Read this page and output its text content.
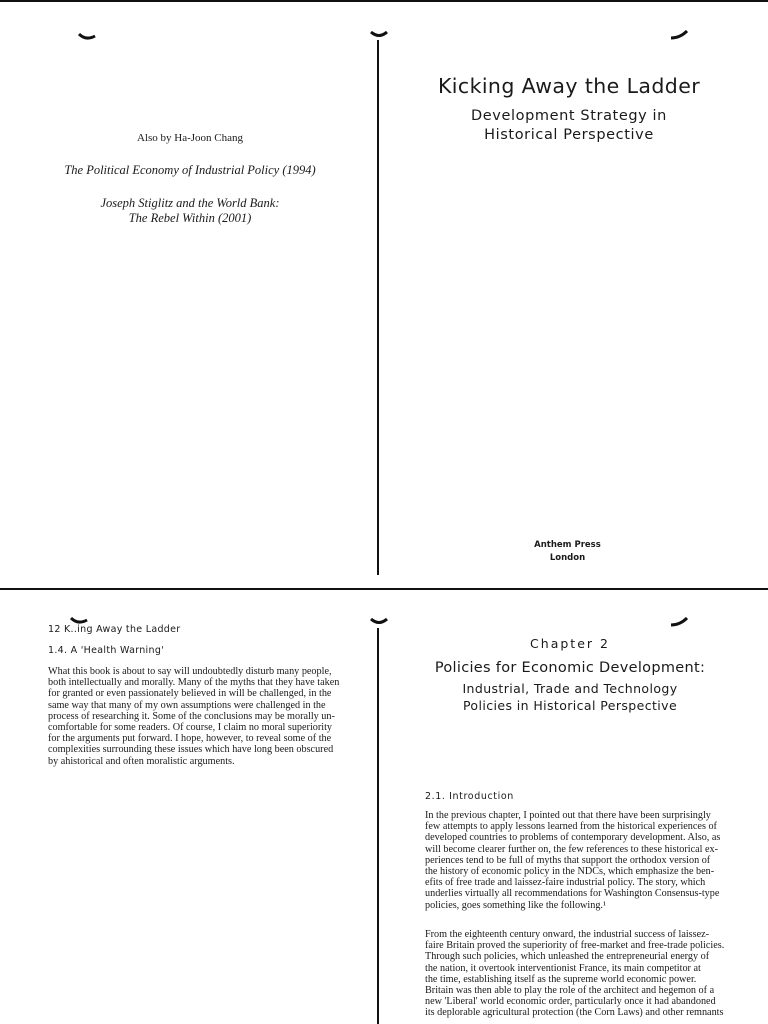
Also by Ha-Joon Chang
The Political Economy of Industrial Policy (1994)
Joseph Stiglitz and the World Bank:
The Rebel Within (2001)
Kicking Away the Ladder
Development Strategy in
Historical Perspective
Anthem Press
London
12 K..ing Away the Ladder
1.4. A 'Health Warning'

What this book is about to say will undoubtedly disturb many people,

both intellectually and morally. Many of the myths that they have taken

for granted or even passionately believed in will be challenged, in the

same way that many of my own assumptions were challenged in the

process of researching it. Some of the conclusions may be morally un-

comfortable for some readers. Of course, I claim no moral superiority

for the arguments put forward. I hope, however, to reveal some of the

complexities surrounding these issues which have long been obscured

by ahistorical and often moralistic arguments.

Chapter 2
Policies for Economic Development:
Industrial, Trade and Technology
Policies in Historical Perspective
2.1. Introduction

In the previous chapter, I pointed out that there have been surprisingly

few attempts to apply lessons learned from the historical experiences of

developed countries to problems of contemporary development. Also, as

will become clearer further on, the few references to these historical ex-

periences tend to be full of myths that support the orthodox version of

the history of economic policy in the NDCs, which emphasize the ben-

efits of free trade and laissez-faire industrial policy. The story, which

underlies virtually all recommendations for Washington Consensus-type

policies, goes something like the following.¹

From the eighteenth century onward, the industrial success of laissez-

faire Britain proved the superiority of free-market and free-trade policies.

Through such policies, which unleashed the entrepreneurial energy of

the nation, it overtook interventionist France, its main competitor at

the time, establishing itself as the supreme world economic power.

Britain was then able to play the role of the architect and hegemon of a

new 'Liberal' world economic order, particularly once it had abandoned

its deplorable agricultural protection (the Corn Laws) and other remnants
